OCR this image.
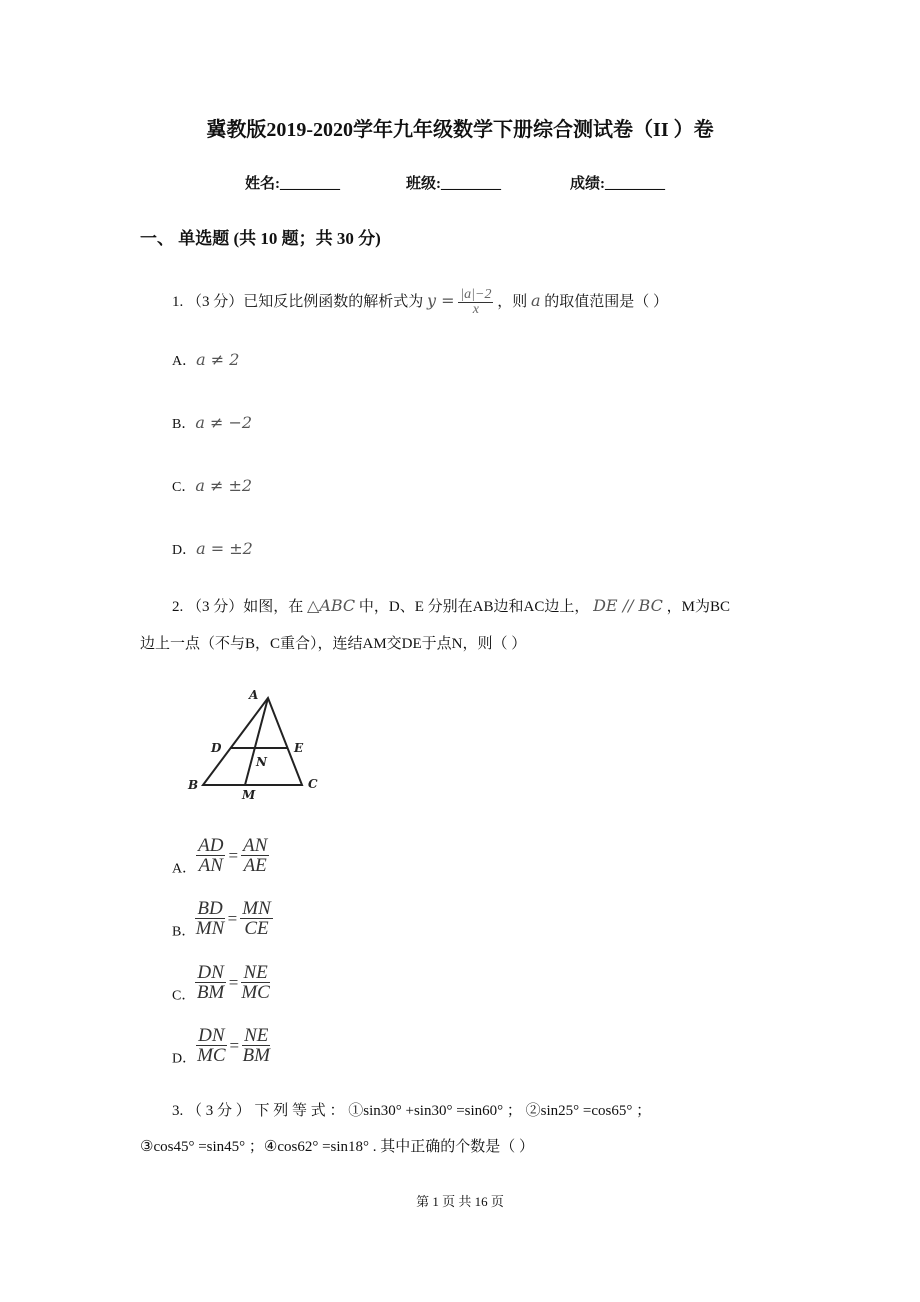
冀教版2019-2020学年九年级数学下册综合测试卷（II ）卷
姓名:________	班级:________	成绩:________
一、 单选题 (共 10 题；共 30 分)
1. （3 分）已知反比例函数的解析式为 $y = \frac{|a|-2}{x}$ ，则 a 的取值范围是（ ）
A．a ≠ 2
B．a ≠ −2
C．a ≠ ±2
D．a = ±2
2. （3 分）如图，在 △ABC 中，D、E 分别在AB边和AC边上， DE // BC ，M为BC
边上一点（不与B，C重合），连结AM交DE于点N，则（ ）
A
B	C
D	E
M
N
A． $\frac{AD}{AN} = \frac{AN}{AE}$
B． $\frac{BD}{MN} = \frac{MN}{CE}$
C． $\frac{DN}{BM} = \frac{NE}{MC}$
D． $\frac{DN}{MC} = \frac{NE}{BM}$
3. （ 3 分 ） 下 列 等 式 ： ①sin30° +sin30° =sin60° ； ②sin25° =cos65° ；
③cos45° =sin45° ；④cos62° =sin18° . 其中正确的个数是（ ）
第 1 页 共 16 页
